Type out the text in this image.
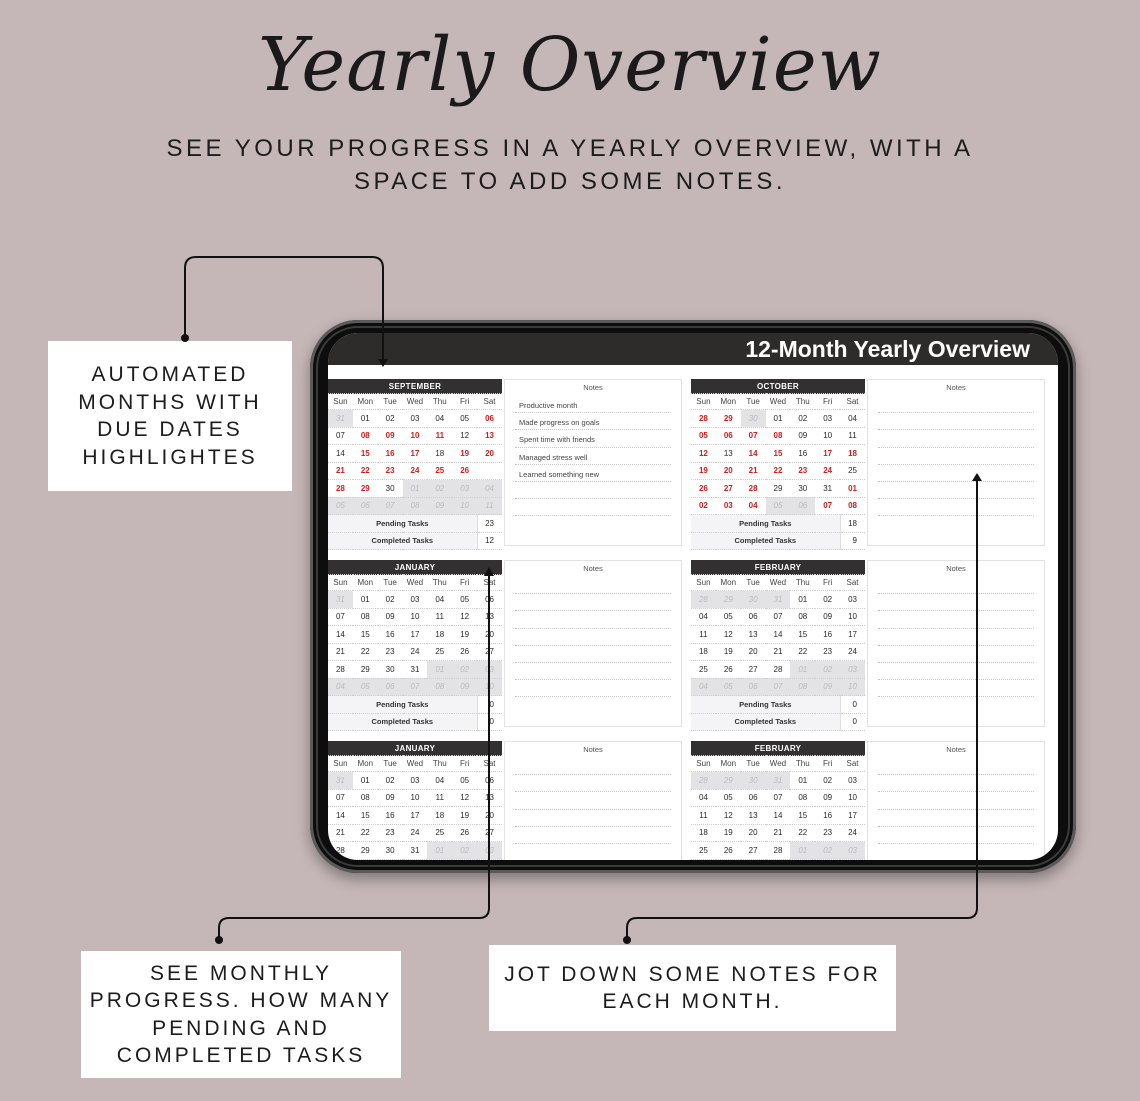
Yearly Overview
SEE YOUR PROGRESS IN A YEARLY OVERVIEW, WITH A
SPACE TO ADD SOME NOTES.
AUTOMATED
MONTHS WITH
DUE DATES
HIGHLIGHTES
SEE MONTHLY
PROGRESS. HOW MANY
PENDING AND
COMPLETED TASKS
JOT DOWN SOME NOTES FOR
EACH MONTH.
12-Month Yearly Overview
SEPTEMBER						
Sun	Mon	Tue	Wed	Thu	Fri	Sat
31	01	02	03	04	05	06
07	08	09	10	11	12	13
14	15	16	17	18	19	20
21	22	23	24	25	26	
28	29	30	01	02	03	04
05	06	07	08	09	10	11
Pending Tasks						23
Completed Tasks						12
Notes
Productive month
Made progress on goals
Spent time with friends
Managed stress well
Learned something new
OCTOBER						
Sun	Mon	Tue	Wed	Thu	Fri	Sat
28	29	30	01	02	03	04
05	06	07	08	09	10	11
12	13	14	15	16	17	18
19	20	21	22	23	24	25
26	27	28	29	30	31	01
02	03	04	05	06	07	08
Pending Tasks						18
Completed Tasks						9
Notes
JANUARY						
Sun	Mon	Tue	Wed	Thu	Fri	Sat
31	01	02	03	04	05	06
07	08	09	10	11	12	13
14	15	16	17	18	19	20
21	22	23	24	25	26	27
28	29	30	31	01	02	03
04	05	06	07	08	09	10
Pending Tasks						0
Completed Tasks						0
Notes	FEBRUARY						
Sun	Mon	Tue	Wed	Thu	Fri	Sat
28	29	30	31	01	02	03
04	05	06	07	08	09	10
11	12	13	14	15	16	17
18	19	20	21	22	23	24
25	26	27	28	01	02	03
04	05	06	07	08	09	10
Pending Tasks						0
Completed Tasks						0
Notes
JANUARY						
Sun	Mon	Tue	Wed	Thu	Fri	Sat
31	01	02	03	04	05	06
07	08	09	10	11	12	13
14	15	16	17	18	19	20
21	22	23	24	25	26	27
28	29	30	31	01	02	03
Notes	FEBRUARY						
Sun	Mon	Tue	Wed	Thu	Fri	Sat
28	29	30	31	01	02	03
04	05	06	07	08	09	10
11	12	13	14	15	16	17
18	19	20	21	22	23	24
25	26	27	28	01	02	03
Notes
